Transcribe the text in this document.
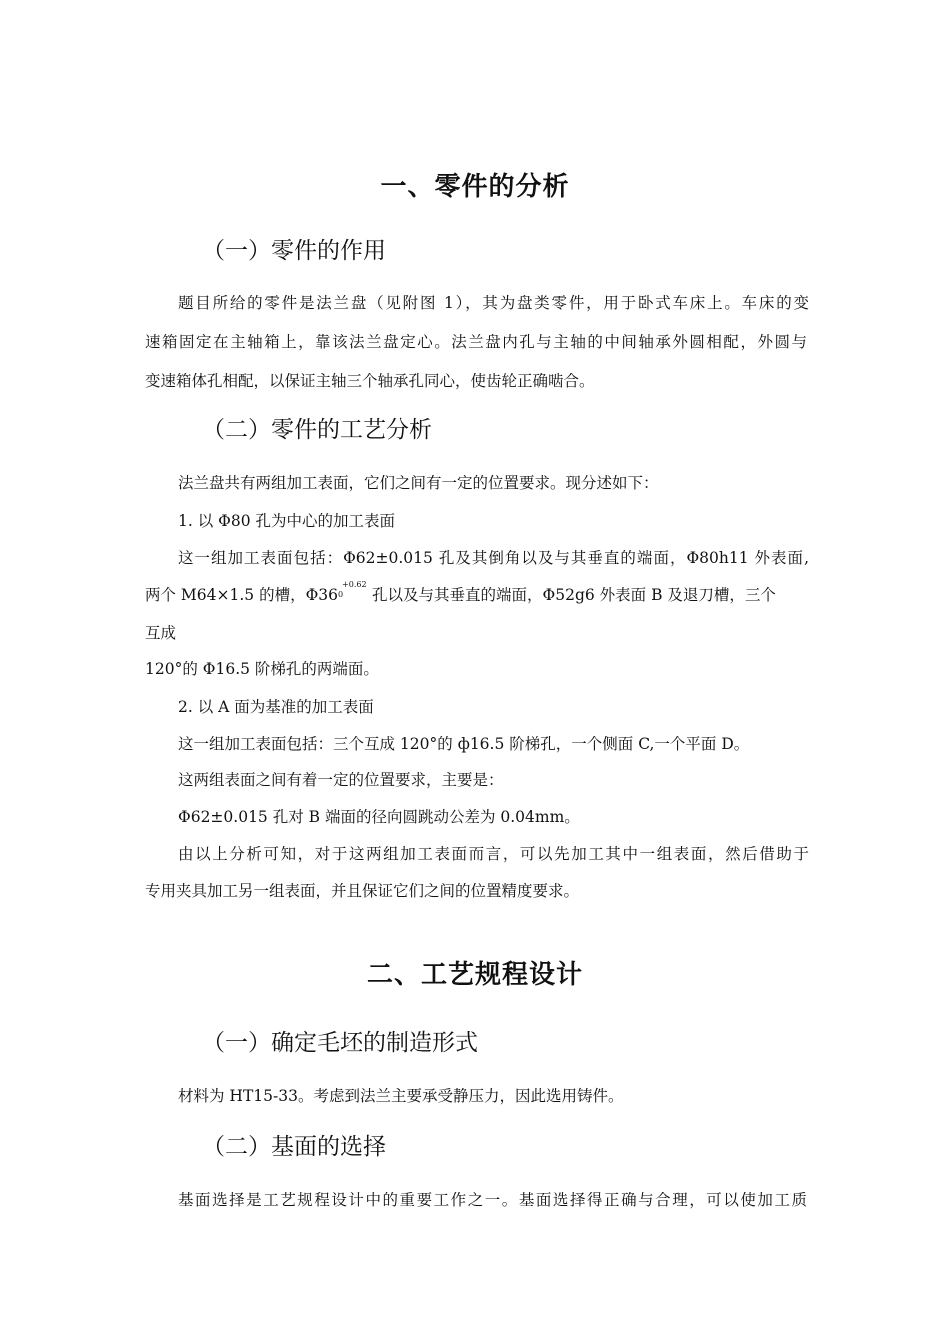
一、零件的分析
（一）零件的作用
题目所给的零件是法兰盘（见附图 1），其为盘类零件，用于卧式车床上。车床的变
速箱固定在主轴箱上，靠该法兰盘定心。法兰盘内孔与主轴的中间轴承外圆相配，外圆与
变速箱体孔相配，以保证主轴三个轴承孔同心，使齿轮正确啮合。
（二）零件的工艺分析
法兰盘共有两组加工表面，它们之间有一定的位置要求。现分述如下：
1. 以 Φ80 孔为中心的加工表面
这一组加工表面包括：Φ62±0.015 孔及其倒角以及与其垂直的端面，Φ80h11 外表面,
两个 M64×1.5 的槽，Φ36
+0.62
0 孔以及与其垂直的端面，Φ52g6 外表面 B 及退刀槽，三个
互成
120°的 Φ16.5 阶梯孔的两端面。
2. 以 A 面为基准的加工表面
这一组加工表面包括：三个互成 120°的 ф16.5 阶梯孔，一个侧面 C,一个平面 D。
这两组表面之间有着一定的位置要求，主要是：
Φ62±0.015 孔对 B 端面的径向圆跳动公差为 0.04mm。
由以上分析可知，对于这两组加工表面而言，可以先加工其中一组表面，然后借助于
专用夹具加工另一组表面，并且保证它们之间的位置精度要求。
二、工艺规程设计
（一）确定毛坯的制造形式
材料为 HT15-33。考虑到法兰主要承受静压力，因此选用铸件。
（二）基面的选择
基面选择是工艺规程设计中的重要工作之一。基面选择得正确与合理，可以使加工质
